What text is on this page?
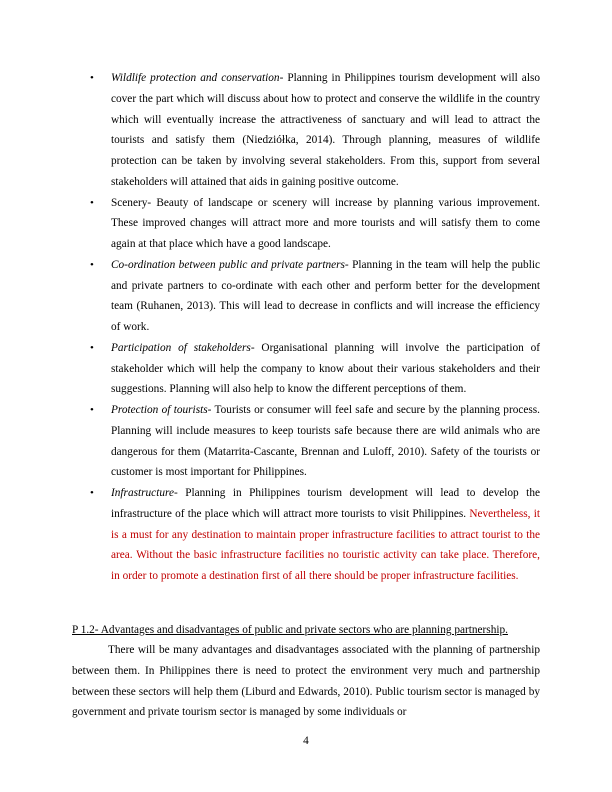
• Wildlife protection and conservation- Planning in Philippines tourism development will also cover the part which will discuss about how to protect and conserve the wildlife in the country which will eventually increase the attractiveness of sanctuary and will lead to attract the tourists and satisfy them (Niedziółka, 2014). Through planning, measures of wildlife protection can be taken by involving several stakeholders. From this, support from several stakeholders will attained that aids in gaining positive outcome.
• Scenery- Beauty of landscape or scenery will increase by planning various improvement. These improved changes will attract more and more tourists and will satisfy them to come again at that place which have a good landscape.
• Co-ordination between public and private partners- Planning in the team will help the public and private partners to co-ordinate with each other and perform better for the development team (Ruhanen, 2013). This will lead to decrease in conflicts and will increase the efficiency of work.
• Participation of stakeholders- Organisational planning will involve the participation of stakeholder which will help the company to know about their various stakeholders and their suggestions. Planning will also help to know the different perceptions of them.
• Protection of tourists- Tourists or consumer will feel safe and secure by the planning process. Planning will include measures to keep tourists safe because there are wild animals who are dangerous for them (Matarrita-Cascante, Brennan and Luloff, 2010). Safety of the tourists or customer is most important for Philippines.
• Infrastructure- Planning in Philippines tourism development will lead to develop the infrastructure of the place which will attract more tourists to visit Philippines. Nevertheless, it is a must for any destination to maintain proper infrastructure facilities to attract tourist to the area. Without the basic infrastructure facilities no touristic activity can take place. Therefore, in order to promote a destination first of all there should be proper infrastructure facilities.
P 1.2- Advantages and disadvantages of public and private sectors who are planning partnership.

There will be many advantages and disadvantages associated with the planning of partnership between them. In Philippines there is need to protect the environment very much and partnership between these sectors will help them (Liburd and Edwards, 2010). Public tourism sector is managed by government and private tourism sector is managed by some individuals or

4
